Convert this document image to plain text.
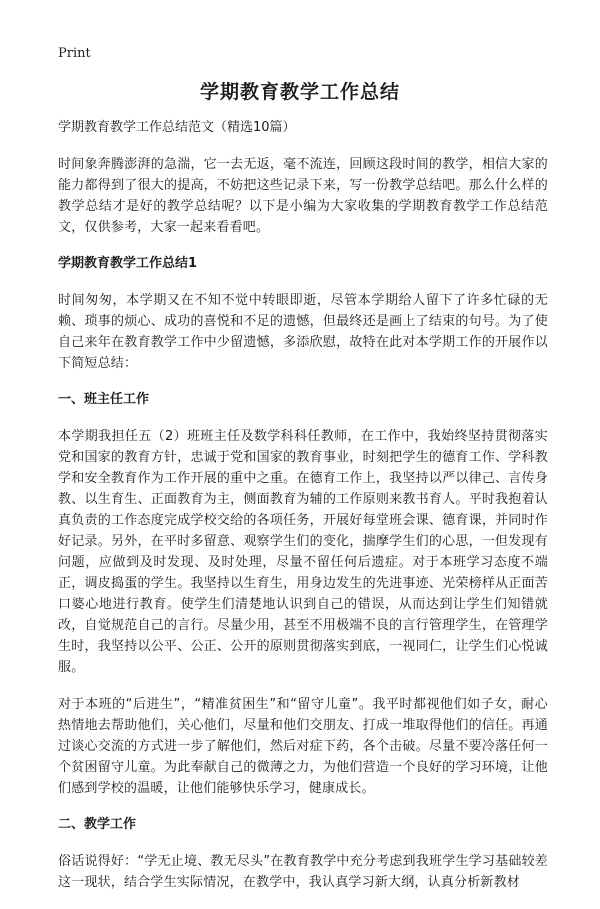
Print
学期教育教学工作总结
学期教育教学工作总结范文（精选10篇）

时间象奔腾澎湃的急湍，它一去无返，毫不流连，回顾这段时间的教学，相信大家的能力都得到了很大的提高，不妨把这些记录下来，写一份教学总结吧。那么什么样的教学总结才是好的教学总结呢？以下是小编为大家收集的学期教育教学工作总结范文，仅供参考，大家一起来看看吧。

学期教育教学工作总结1

时间匆匆，本学期又在不知不觉中转眼即逝，尽管本学期给人留下了许多忙碌的无赖、琐事的烦心、成功的喜悦和不足的遗憾，但最终还是画上了结束的句号。为了使自己来年在教育教学工作中少留遗憾，多添欣慰，故特在此对本学期工作的开展作以下简短总结：

一、班主任工作

本学期我担任五（2）班班主任及数学科科任教师，在工作中，我始终坚持贯彻落实党和国家的教育方针，忠诚于党和国家的教育事业，时刻把学生的德育工作、学科教学和安全教育作为工作开展的重中之重。在德育工作上，我坚持以严以律己、言传身教、以生育生、正面教育为主，侧面教育为辅的工作原则来教书育人。平时我抱着认真负责的工作态度完成学校交给的各项任务，开展好每堂班会课、德育课，并同时作好记录。另外，在平时多留意、观察学生们的变化，揣摩学生们的心思，一但发现有问题，应做到及时发现、及时处理，尽量不留任何后遗症。对于本班学习态度不端正，调皮捣蛋的学生。我坚持以生育生，用身边发生的先进事迹、光荣榜样从正面苦口婆心地进行教育。使学生们清楚地认识到自己的错误，从而达到让学生们知错就改，自觉规范自己的言行。尽量少用，甚至不用极端不良的言行管理学生，在管理学生时，我坚持以公平、公正、公开的原则贯彻落实到底，一视同仁，让学生们心悦诚服。

对于本班的“后进生”，“精准贫困生”和“留守儿童”。我平时都视他们如子女，耐心热情地去帮助他们，关心他们，尽量和他们交朋友、打成一堆取得他们的信任。再通过谈心交流的方式进一步了解他们，然后对症下药，各个击破。尽量不要冷落任何一个贫困留守儿童。为此奉献自己的微薄之力，为他们营造一个良好的学习环境，让他们感到学校的温暖，让他们能够快乐学习，健康成长。

二、教学工作

俗话说得好：“学无止境、教无尽头”在教育教学中充分考虑到我班学生学习基础较差这一现状，结合学生实际情况，在教学中，我认真学习新大纲，认真分析新教材
